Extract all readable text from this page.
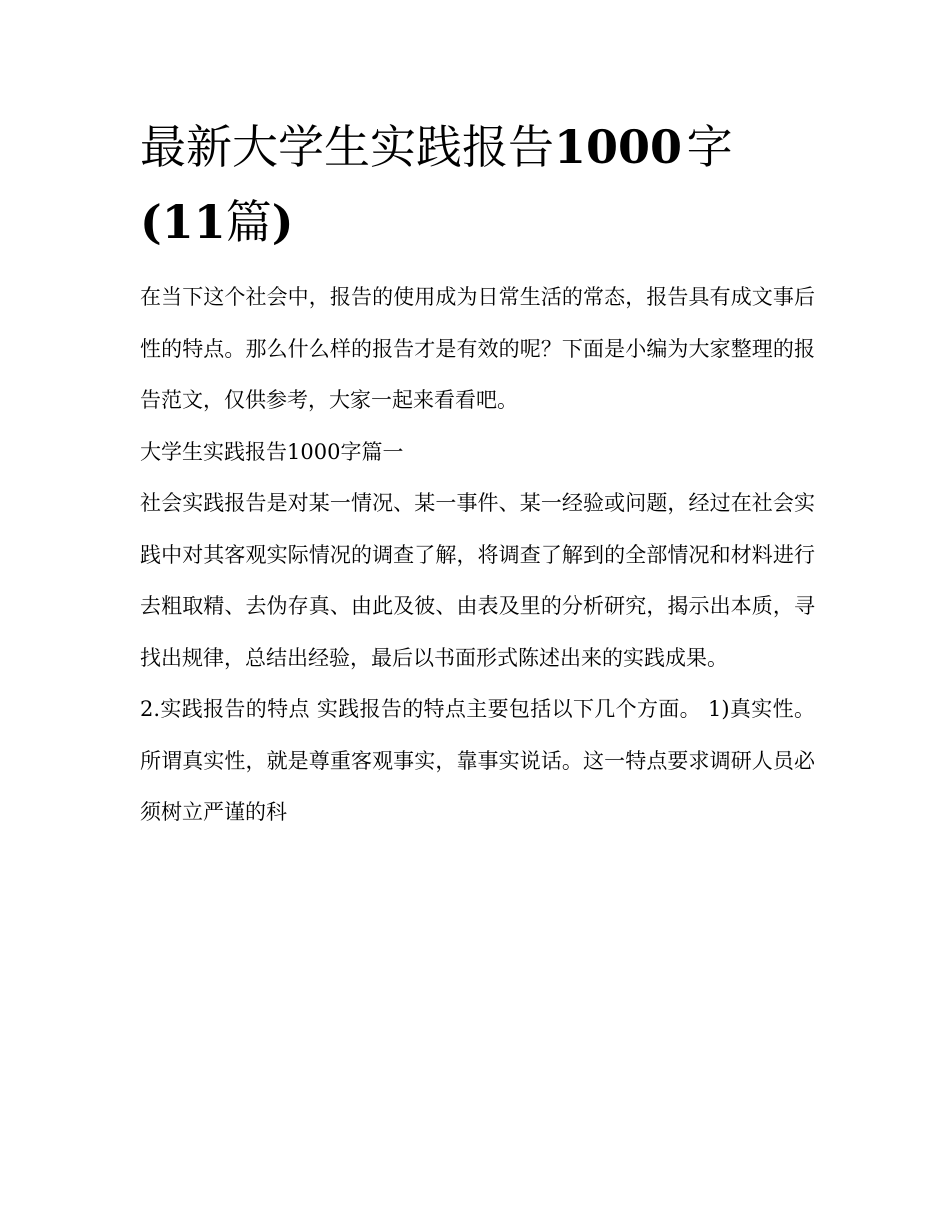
最新大学生实践报告1000 字
(11篇)

在当下这个社会中，报告的使用成为日常生活的常态，报告具有成文事后性的特点。那么什么样的报告才是有效的呢？下面是小编为大家整理的报告范文，仅供参考，大家一起来看看吧。

大学生实践报告1000字篇一

社会实践报告是对某一情况、某一事件、某一经验或问题，经过在社会实践中对其客观实际情况的调查了解，将调查了解到的全部情况和材料进行去粗取精、去伪存真、由此及彼、由表及里的分析研究，揭示出本质，寻找出规律，总结出经验，最后以书面形式陈述出来的实践成果。

2.实践报告的特点 实践报告的特点主要包括以下几个方面。 1)真实性。所谓真实性，就是尊重客观事实，靠事实说话。这一特点要求调研人员必须树立严谨的科
